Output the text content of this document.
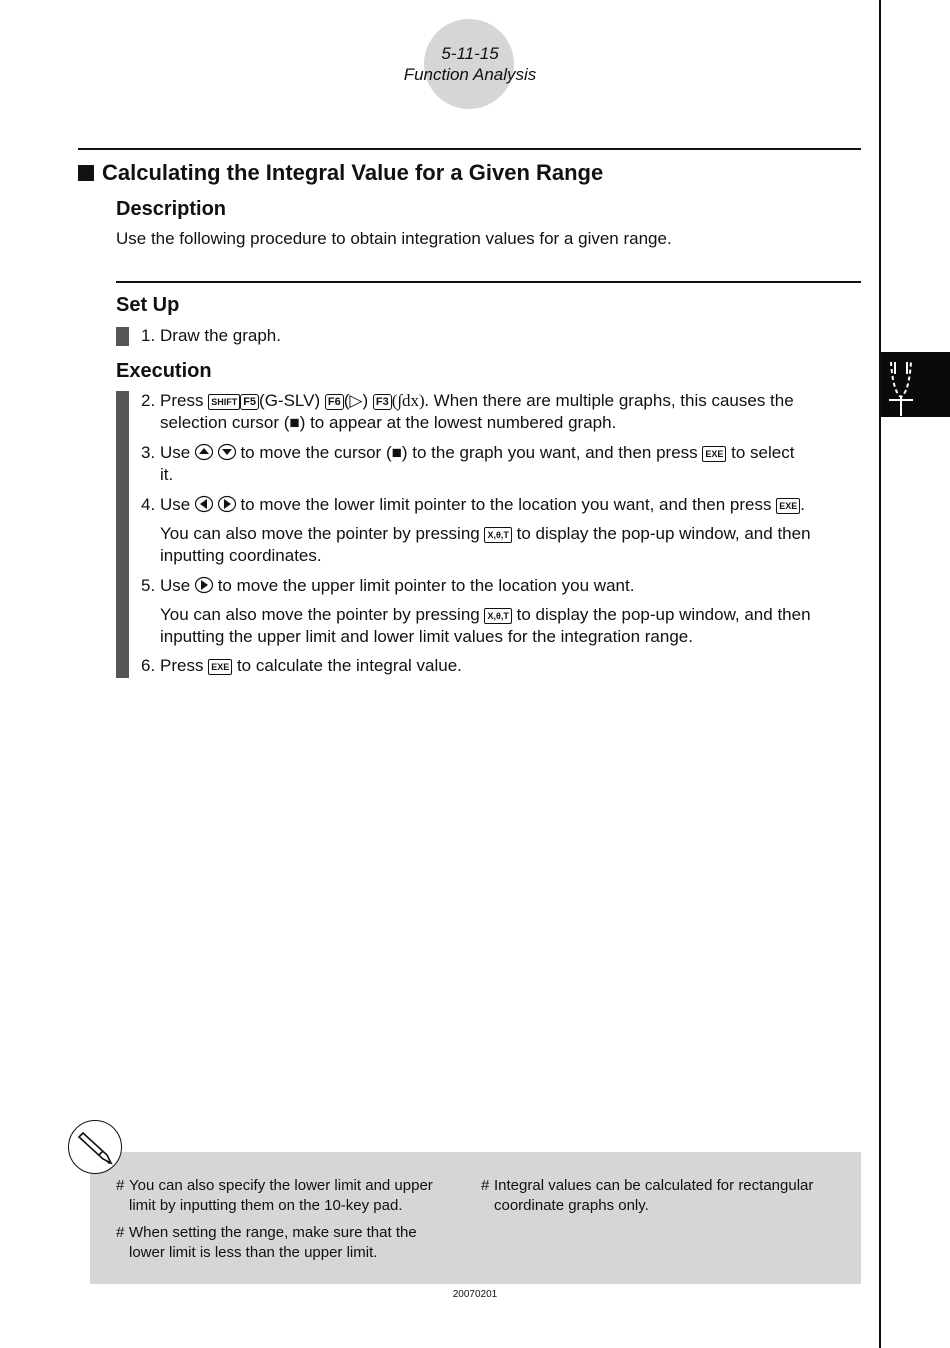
5-11-15
Function Analysis
Calculating the Integral Value for a Given Range
Description
Use the following procedure to obtain integration values for a given range.
Set Up
1. Draw the graph.
Execution
2. Press SHIFT F5 (G-SLV) F6 (▷) F3 (∫dx). When there are multiple graphs, this causes the
selection cursor (■) to appear at the lowest numbered graph.
3. Use	to move the cursor (■) to the graph you want, and then press EXE to select
it.
4. Use	to move the lower limit pointer to the location you want, and then press EXE .
You can also move the pointer by pressing X,θ,T to display the pop-up window, and then
inputting coordinates.
5. Use to move the upper limit pointer to the location you want.
You can also move the pointer by pressing X,θ,T to display the pop-up window, and then
inputting the upper limit and lower limit values for the integration range.
6. Press EXE to calculate the integral value.
# You can also specify the lower limit and upper
limit by inputting them on the 10-key pad.
# When setting the range, make sure that the
lower limit is less than the upper limit.
# Integral values can be calculated for rectangular
coordinate graphs only.
20070201
